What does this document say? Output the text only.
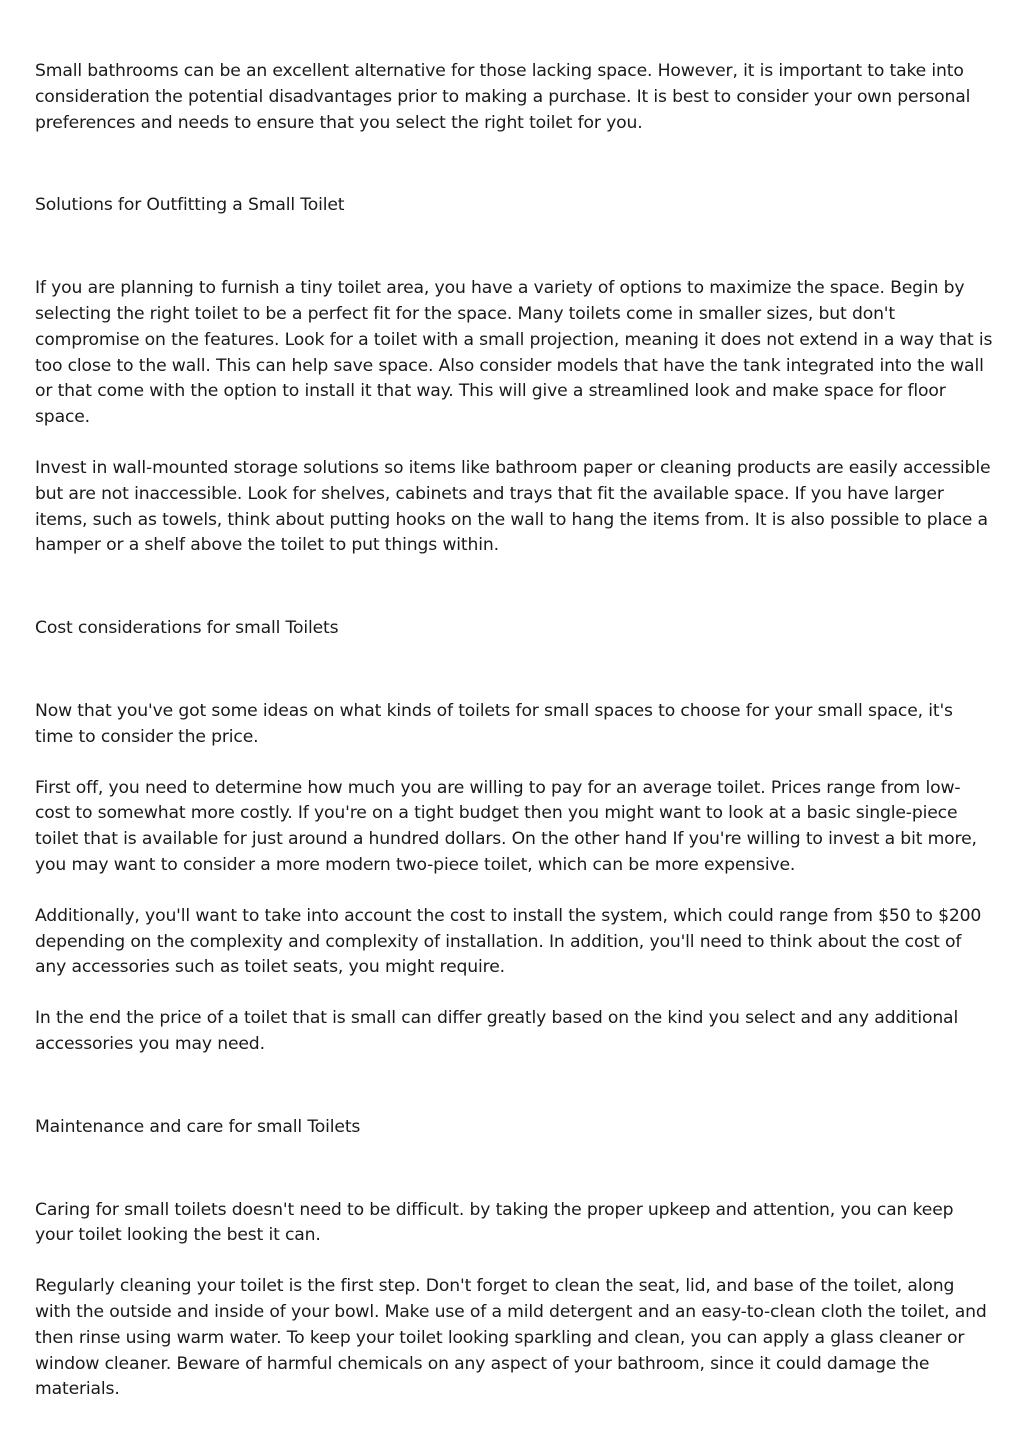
Small bathrooms can be an excellent alternative for those lacking space. However, it is important to take into consideration the potential disadvantages prior to making a purchase. It is best to consider your own personal preferences and needs to ensure that you select the right toilet for you.

Solutions for Outfitting a Small Toilet

If you are planning to furnish a tiny toilet area, you have a variety of options to maximize the space. Begin by selecting the right toilet to be a perfect fit for the space. Many toilets come in smaller sizes, but don't compromise on the features. Look for a toilet with a small projection, meaning it does not extend in a way that is too close to the wall. This can help save space. Also consider models that have the tank integrated into the wall or that come with the option to install it that way. This will give a streamlined look and make space for floor space.

Invest in wall-mounted storage solutions so items like bathroom paper or cleaning products are easily accessible but are not inaccessible. Look for shelves, cabinets and trays that fit the available space. If you have larger items, such as towels, think about putting hooks on the wall to hang the items from. It is also possible to place a hamper or a shelf above the toilet to put things within.

Cost considerations for small Toilets

Now that you've got some ideas on what kinds of toilets for small spaces to choose for your small space, it's time to consider the price.

First off, you need to determine how much you are willing to pay for an average toilet. Prices range from low-cost to somewhat more costly. If you're on a tight budget then you might want to look at a basic single-piece toilet that is available for just around a hundred dollars. On the other hand If you're willing to invest a bit more, you may want to consider a more modern two-piece toilet, which can be more expensive.

Additionally, you'll want to take into account the cost to install the system, which could range from $50 to $200 depending on the complexity and complexity of installation. In addition, you'll need to think about the cost of any accessories such as toilet seats, you might require.

In the end the price of a toilet that is small can differ greatly based on the kind you select and any additional accessories you may need.

Maintenance and care for small Toilets

Caring for small toilets doesn't need to be difficult. by taking the proper upkeep and attention, you can keep your toilet looking the best it can.

Regularly cleaning your toilet is the first step. Don't forget to clean the seat, lid, and base of the toilet, along with the outside and inside of your bowl. Make use of a mild detergent and an easy-to-clean cloth the toilet, and then rinse using warm water. To keep your toilet looking sparkling and clean, you can apply a glass cleaner or window cleaner. Beware of harmful chemicals on any aspect of your bathroom, since it could damage the materials.
